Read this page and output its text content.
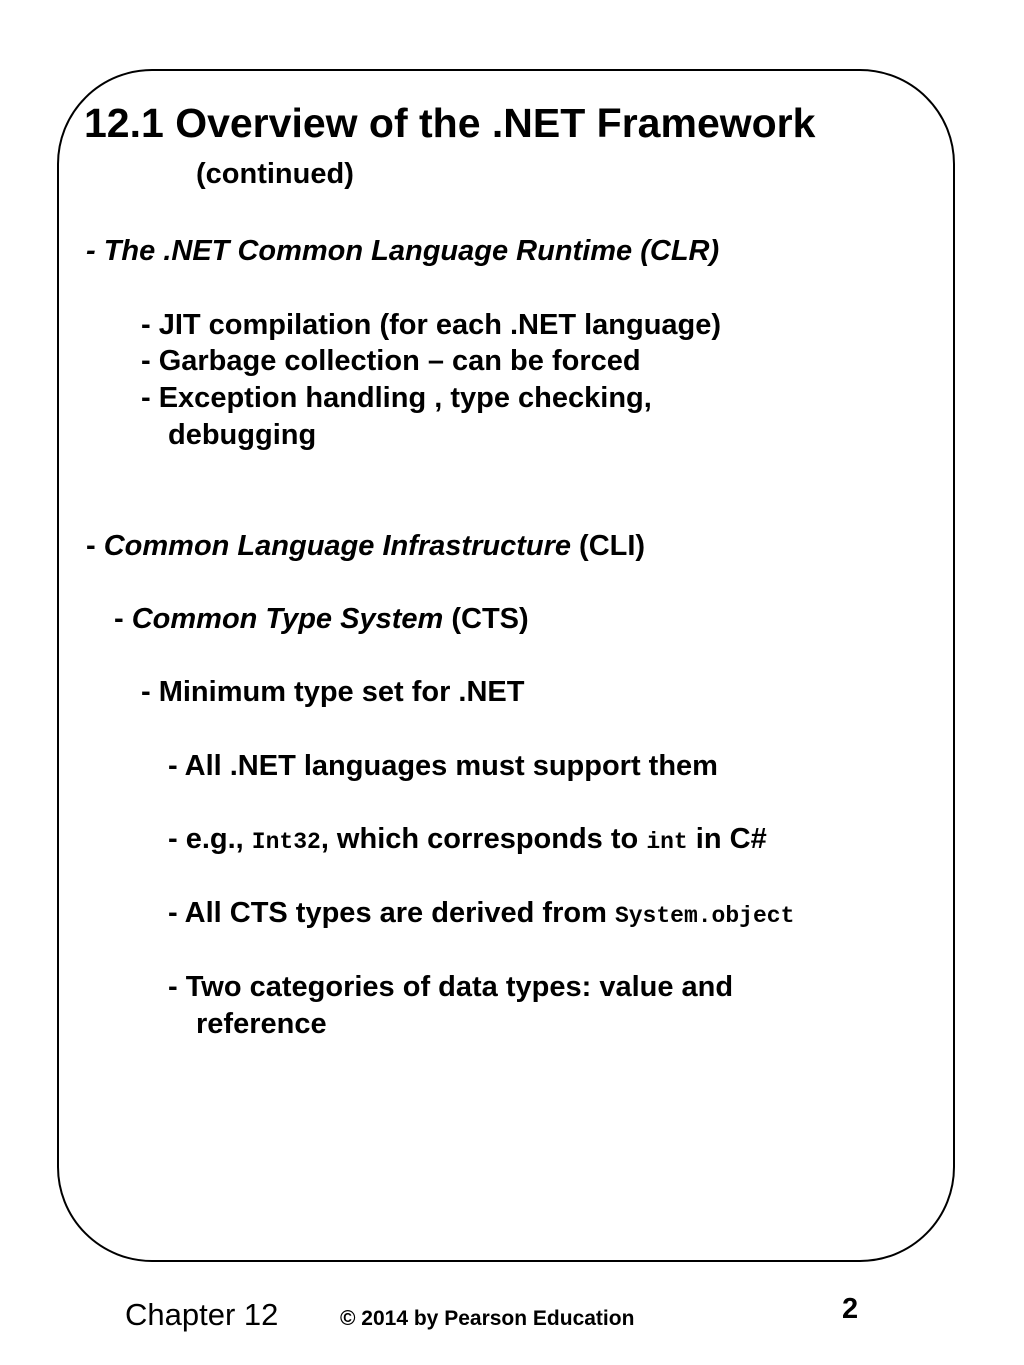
12.1 Overview of the .NET Framework
(continued)
- The .NET Common Language Runtime (CLR)
- JIT compilation (for each .NET language)
- Garbage collection – can be forced
- Exception handling , type checking,
debugging
- Common Language Infrastructure (CLI)
- Common Type System (CTS)
- Minimum type set for .NET
- All .NET languages must support them
- e.g., Int32, which corresponds to int in C#
- All CTS types are derived from System.object
- Two categories of data types: value and
reference
Chapter 12	© 2014 by Pearson Education	2
